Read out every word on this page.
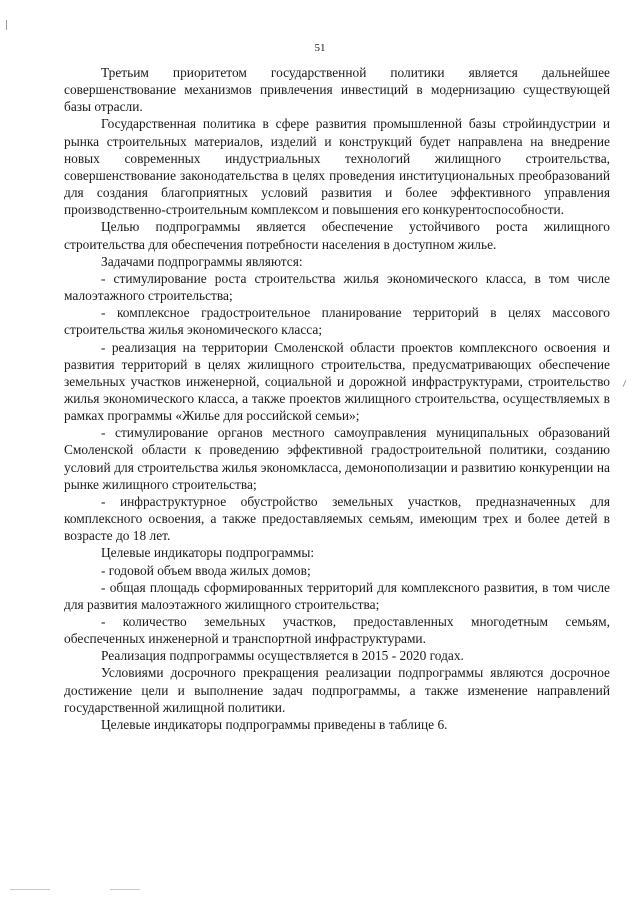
51

Третьим приоритетом государственной политики является дальнейшее совершенствование механизмов привлечения инвестиций в модернизацию существующей базы отрасли.

Государственная политика в сфере развития промышленной базы стройиндустрии и рынка строительных материалов, изделий и конструкций будет направлена на внедрение новых современных индустриальных технологий жилищного строительства, совершенствование законодательства в целях проведения институциональных преобразований для создания благоприятных условий развития и более эффективного управления производственно-строительным комплексом и повышения его конкурентоспособности.

Целью подпрограммы является обеспечение устойчивого роста жилищного строительства для обеспечения потребности населения в доступном жилье.

Задачами подпрограммы являются:

- стимулирование роста строительства жилья экономического класса, в том числе малоэтажного строительства;

- комплексное градостроительное планирование территорий в целях массового строительства жилья экономического класса;

- реализация на территории Смоленской области проектов комплексного освоения и развития территорий в целях жилищного строительства, предусматривающих обеспечение земельных участков инженерной, социальной и дорожной инфраструктурами, строительство жилья экономического класса, а также проектов жилищного строительства, осуществляемых в рамках программы «Жилье для российской семьи»;

- стимулирование органов местного самоуправления муниципальных образований Смоленской области к проведению эффективной градостроительной политики, созданию условий для строительства жилья экономкласса, демонополизации и развитию конкуренции на рынке жилищного строительства;

- инфраструктурное обустройство земельных участков, предназначенных для комплексного освоения, а также предоставляемых семьям, имеющим трех и более детей в возрасте до 18 лет.

Целевые индикаторы подпрограммы:

- годовой объем ввода жилых домов;

- общая площадь сформированных территорий для комплексного развития, в том числе для развития малоэтажного жилищного строительства;

- количество земельных участков, предоставленных многодетным семьям, обеспеченных инженерной и транспортной инфраструктурами.

Реализация подпрограммы осуществляется в 2015 - 2020 годах.

Условиями досрочного прекращения реализации подпрограммы являются досрочное достижение цели и выполнение задач подпрограммы, а также изменение направлений государственной жилищной политики.

Целевые индикаторы подпрограммы приведены в таблице 6.
